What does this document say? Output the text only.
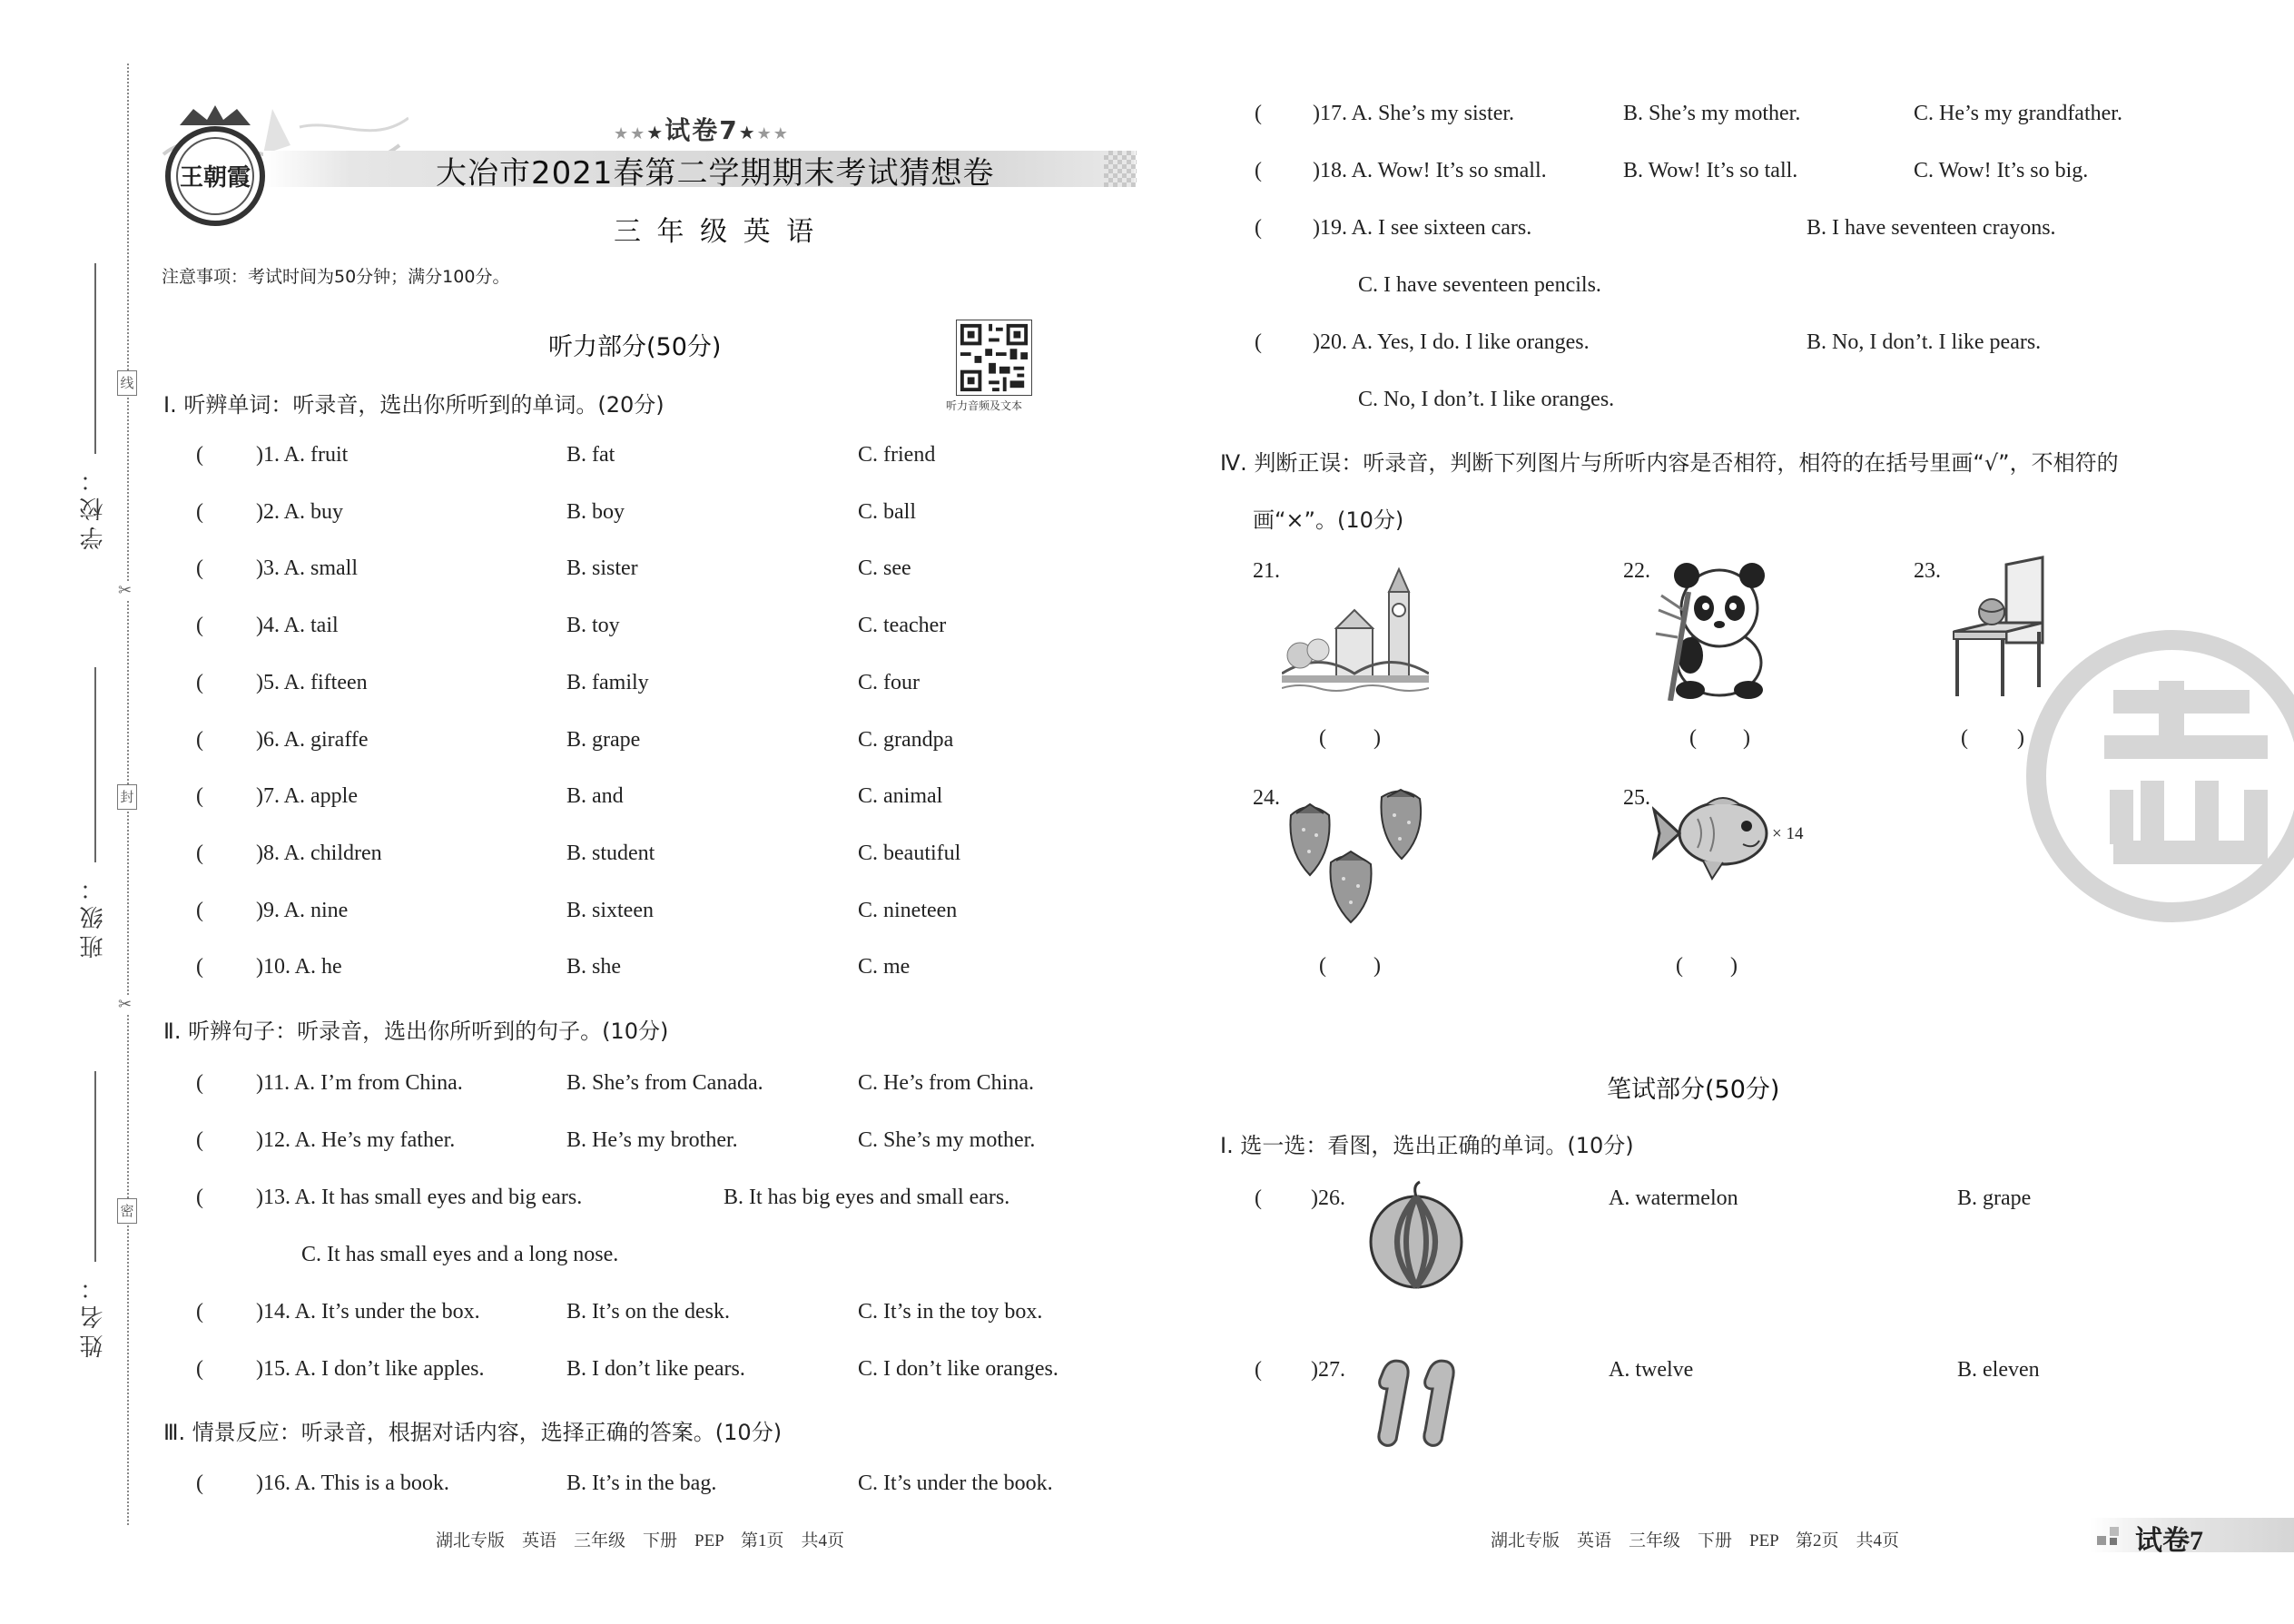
线
封
密
✂
✂
学校：
班级：
姓名：
王朝霞
★★★试卷7★★★
大冶市2021春第二学期期末考试猜想卷
三 年 级 英 语
注意事项：考试时间为50分钟；满分100分。
听力音频及文本
听力部分(50分)
Ⅰ. 听辨单词：听录音，选出你所听到的单词。(20分)
( )1. A. fruit	B. fat	C. friend
( )2. A. buy	B. boy	C. ball
( )3. A. small	B. sister	C. see
( )4. A. tail	B. toy	C. teacher
( )5. A. fifteen	B. family	C. four
( )6. A. giraffe	B. grape	C. grandpa
( )7. A. apple	B. and	C. animal
( )8. A. children	B. student	C. beautiful
( )9. A. nine	B. sixteen	C. nineteen
( )10. A. he	B. she	C. me
Ⅱ. 听辨句子：听录音，选出你所听到的句子。(10分)
( )11. A. I’m from China.	B. She’s from Canada.	C. He’s from China.
( )12. A. He’s my father.	B. He’s my brother.	C. She’s my mother.
( )13. A. It has small eyes and big ears.	B. It has big eyes and small ears.
C. It has small eyes and a long nose.
( )14. A. It’s under the box.	B. It’s on the desk.	C. It’s in the toy box.
( )15. A. I don’t like apples.	B. I don’t like pears.	C. I don’t like oranges.
Ⅲ. 情景反应：听录音，根据对话内容，选择正确的答案。(10分)
( )16. A. This is a book.	B. It’s in the bag.	C. It’s under the book.
湖北专版　英语　三年级　下册　PEP　第1页　共4页
( )17. A. She’s my sister.	B. She’s my mother.	C. He’s my grandfather.
( )18. A. Wow! It’s so small.	B. Wow! It’s so tall.	C. Wow! It’s so big.
( )19. A. I see sixteen cars.	B. I have seventeen crayons.
C. I have seventeen pencils.
( )20. A. Yes, I do. I like oranges.	B. No, I don’t. I like pears.
C. No, I don’t. I like oranges.
Ⅳ. 判断正误：听录音，判断下列图片与所听内容是否相符，相符的在括号里画“√”，不相符的
画“×”。(10分)
21.
( )
22.
( )
23.
( )
24.
( )
25.
× 14
( )
笔试部分(50分)
Ⅰ. 选一选：看图，选出正确的单词。(10分)
( )26.	A. watermelon	B. grape
( )27.	A. twelve	B. eleven
湖北专版　英语　三年级　下册　PEP　第2页　共4页	试卷7
